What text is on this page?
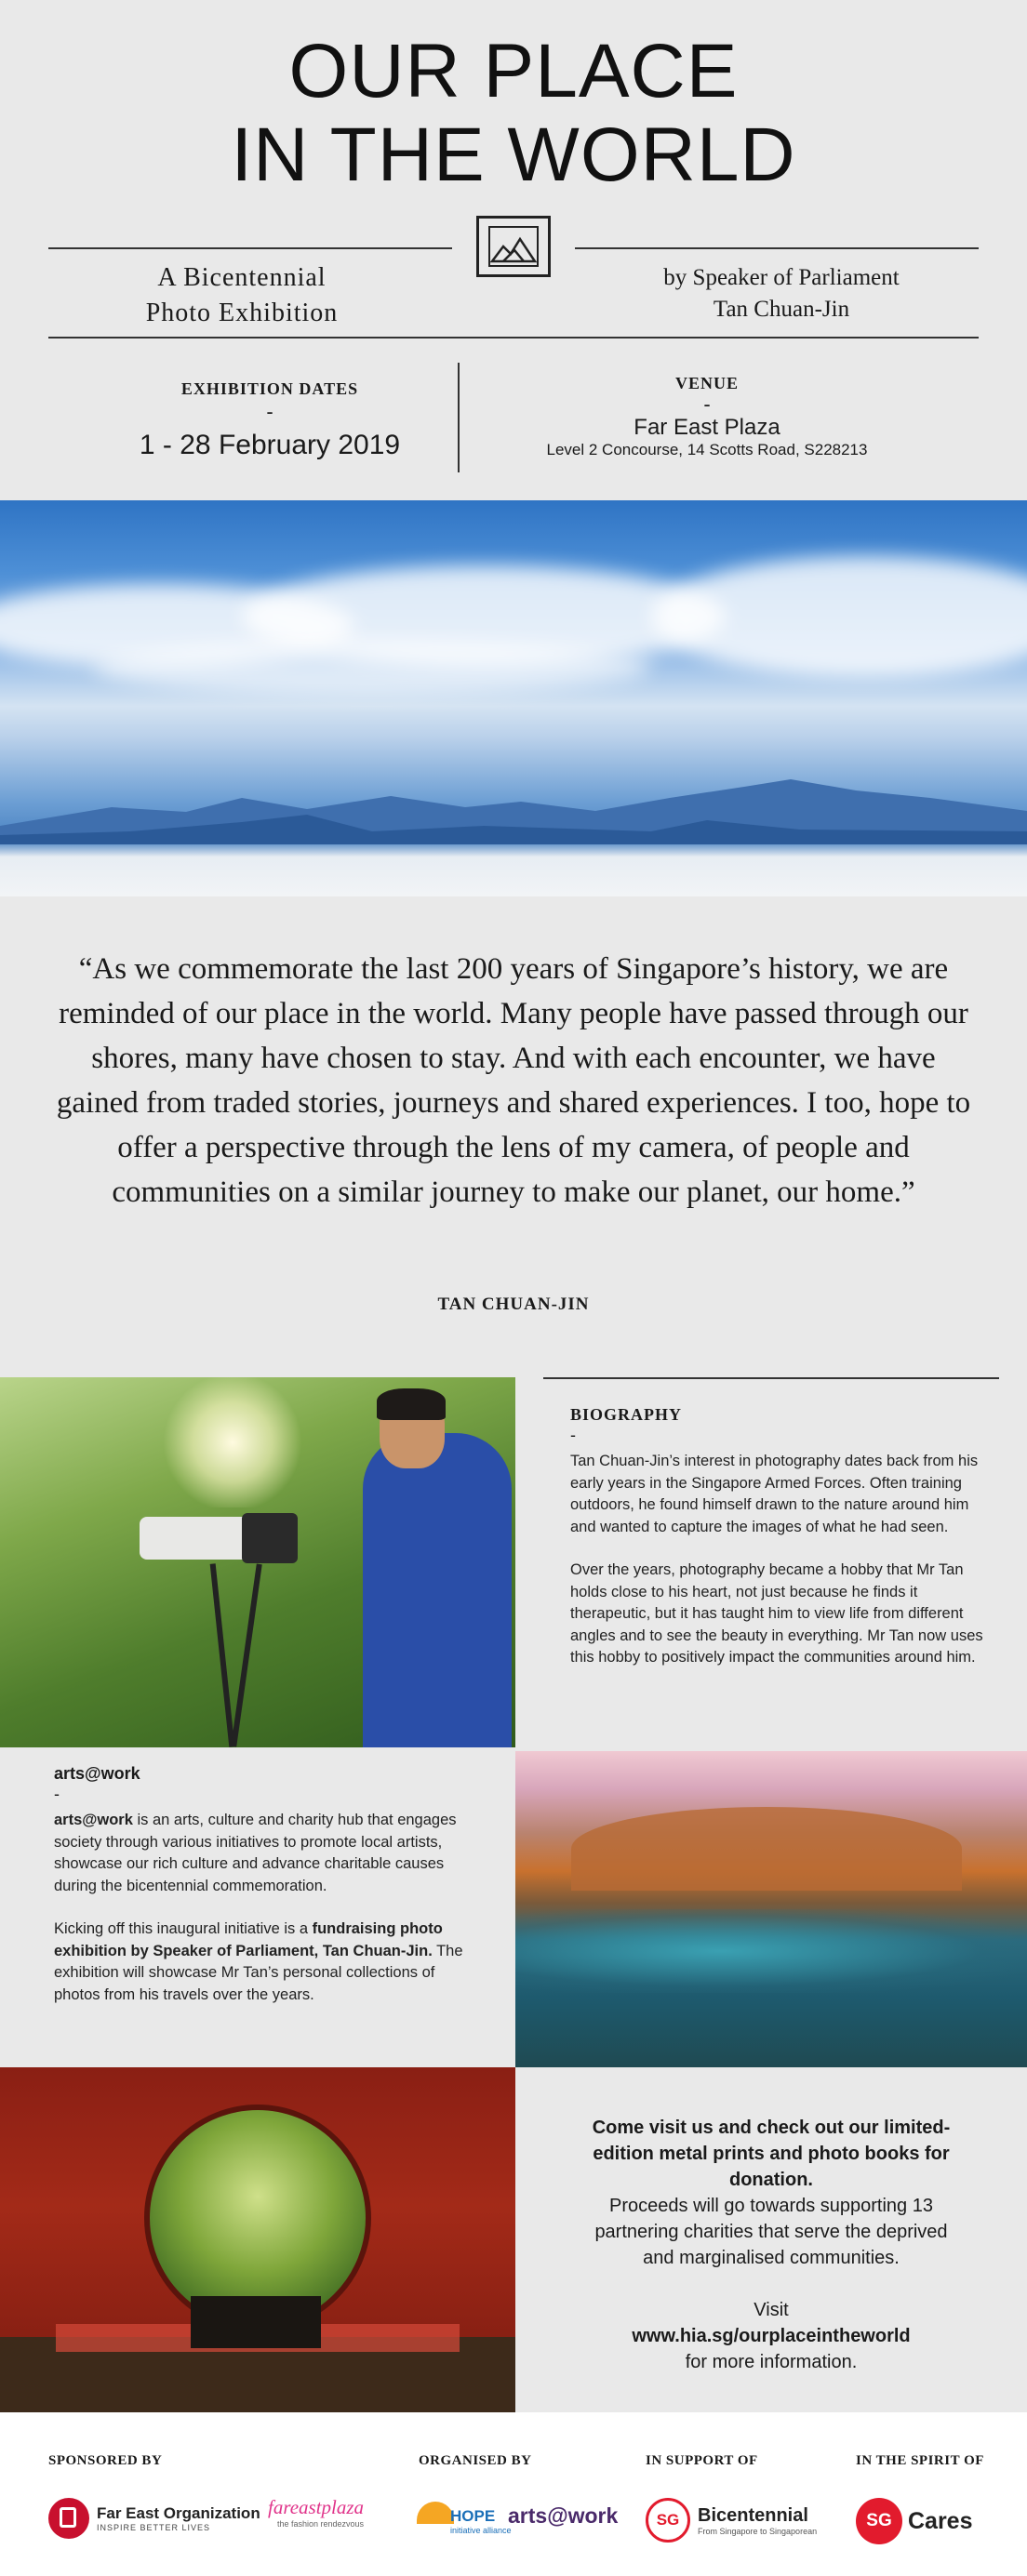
OUR PLACE
IN THE WORLD
A Bicentennial
Photo Exhibition
by Speaker of Parliament
Tan Chuan-Jin
EXHIBITION DATES
-
1 - 28 February 2019
VENUE
-
Far East Plaza
Level 2 Concourse, 14 Scotts Road, S228213
“As we commemorate the last 200 years of Singapore’s history, we are reminded of our place in the world. Many people have passed through our shores, many have chosen to stay. And with each encounter, we have gained from traded stories, journeys and shared experiences. I too, hope to offer a perspective through the lens of my camera, of people and communities on a similar journey to make our planet, our home.”
TAN CHUAN-JIN
BIOGRAPHY
-

Tan Chuan-Jin’s interest in photography dates back from his early years in the Singapore Armed Forces. Often training outdoors, he found himself drawn to the nature around him and wanted to capture the images of what he had seen.

Over the years, photography became a hobby that Mr Tan holds close to his heart, not just because he finds it therapeutic, but it has taught him to view life from different angles and to see the beauty in everything. Mr Tan now uses this hobby to positively impact the communities around him.

arts@work
-

arts@work is an arts, culture and charity hub that engages society through various initiatives to promote local artists, showcase our rich culture and advance charitable causes during the bicentennial commemoration.

Kicking off this inaugural initiative is a fundraising photo exhibition by Speaker of Parliament, Tan Chuan-Jin. The exhibition will showcase Mr Tan’s personal collections of photos from his travels over the years.

Come visit us and check out our limited-edition metal prints and photo books for donation.
Proceeds will go towards supporting 13 partnering charities that serve the deprived and marginalised communities.
Visit
www.hia.sg/ourplaceintheworld
for more information.
SPONSORED BY	ORGANISED BY	IN SUPPORT OF	IN THE SPIRIT OF
Far East Organization
INSPIRE BETTER LIVES
fareastplaza
the fashion rendezvous	HOPE
initiative alliance
arts@work	SG Bicentennial
From Singapore to Singaporean
SG Cares
